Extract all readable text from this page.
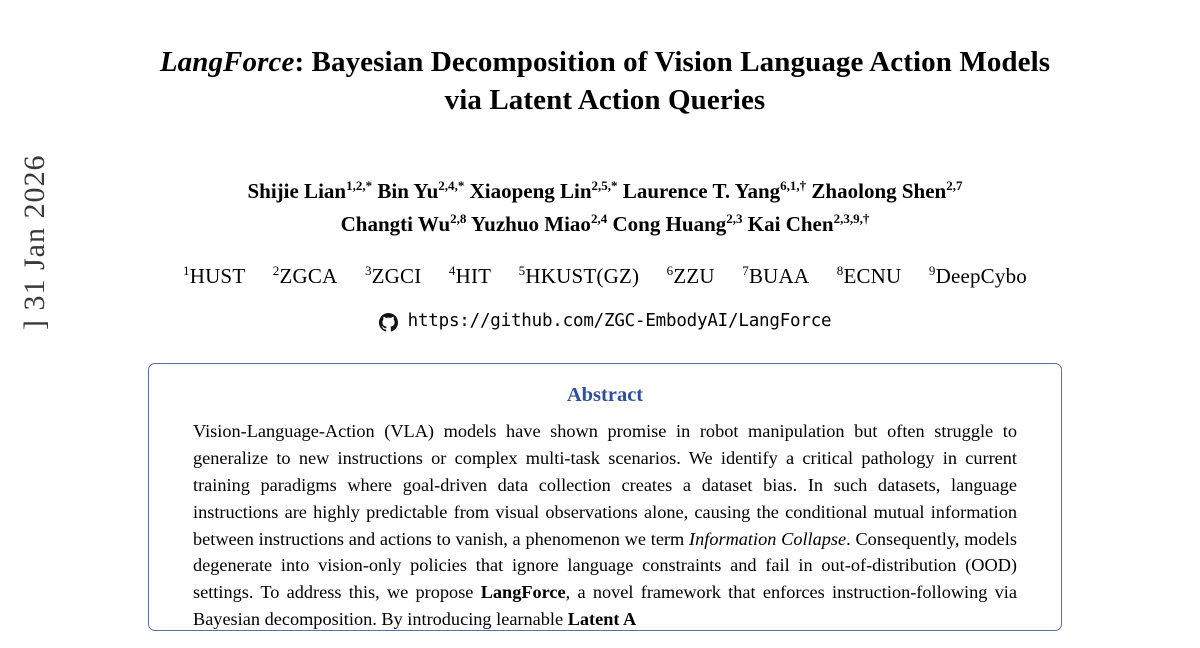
] 31 Jan 2026
LangForce: Bayesian Decomposition of Vision Language Action Models
via Latent Action Queries
Shijie Lian$^{1,2,*}$ Bin $Yu^{2,4,*}$ Xiaopeng Lin$^{2,5,*}$ Laurence T. Yang$^{6,1,\dagger}$ Zhaolong Shen$^{2,7}$
Changti Wu$^{2,8}$ Yuzhuo Miao$^{2,4}$ Cong Huang$^{2,3}$ Kai Chen$^{2,3,9,\dagger}$
$^1$HUST $^2$ZGCA $^3$ZGCI $^4$HIT $^5$HKUST(GZ) $^6$ZZU $^7$BUAA $^8$ECNU $^9$DeepCybo
https://github.com/ZGC-EmbodyAI/LangForce
Abstract
Vision-Language-Action (VLA) models have shown promise in robot manipulation but often struggle to generalize to new instructions or complex multi-task scenarios. We identify a critical pathology in current training paradigms where goal-driven data collection creates a dataset bias. In such datasets, language instructions are highly predictable from visual observations alone, causing the conditional mutual information between instructions and actions to vanish, a phenomenon we term Information Collapse. Consequently, models degenerate into vision-only policies that ignore language constraints and fail in out-of-distribution (OOD) settings. To address this, we propose LangForce, a novel framework that enforces instruction-following via Bayesian decomposition. By introducing learnable Latent A
